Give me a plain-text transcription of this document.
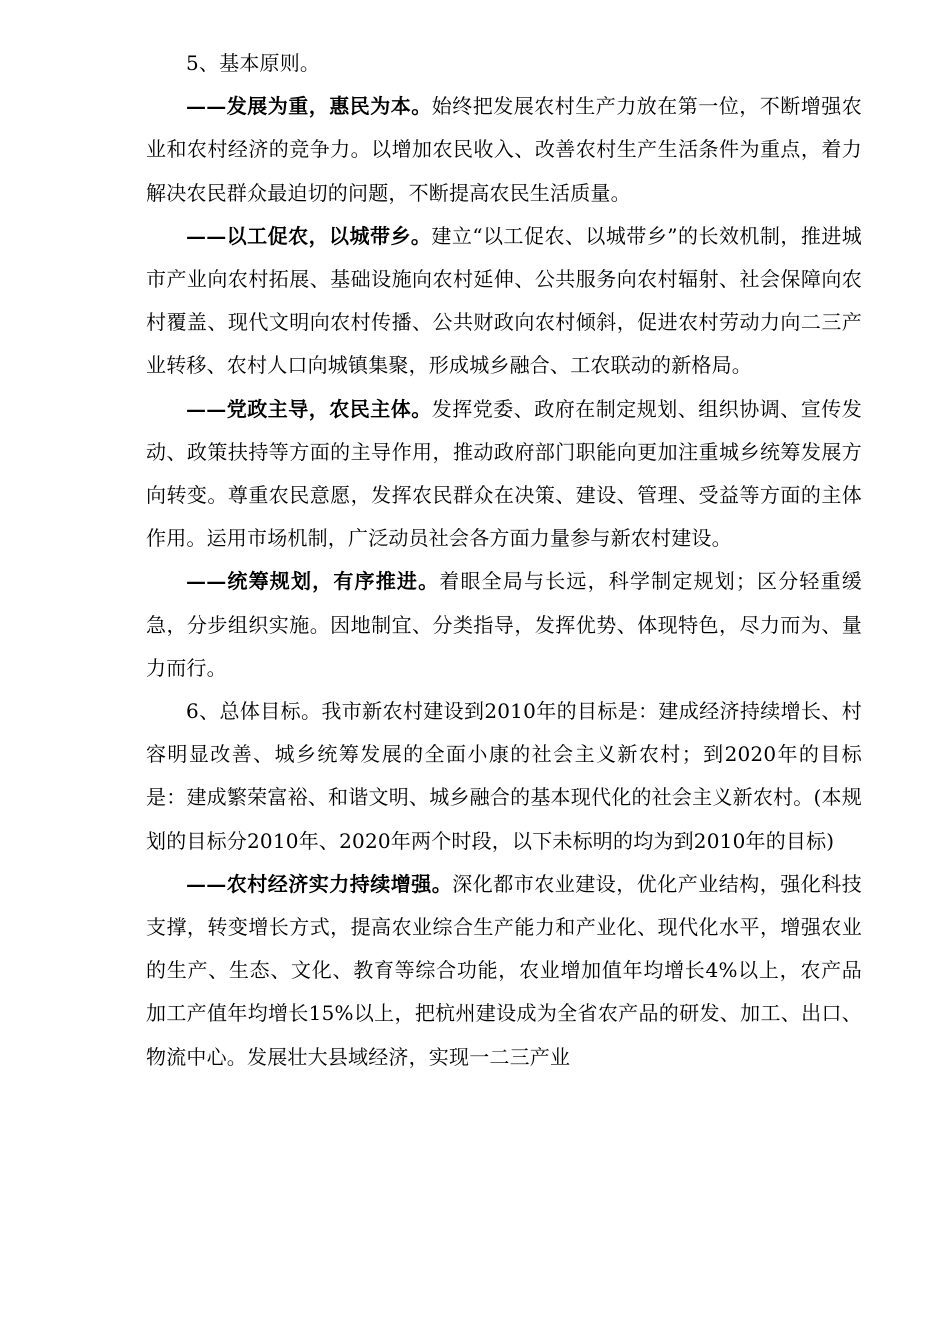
5、基本原则。

——发展为重，惠民为本。始终把发展农村生产力放在第一位，不断增强农业和农村经济的竞争力。以增加农民收入、改善农村生产生活条件为重点，着力解决农民群众最迫切的问题，不断提高农民生活质量。

——以工促农，以城带乡。建立“以工促农、以城带乡”的长效机制，推进城市产业向农村拓展、基础设施向农村延伸、公共服务向农村辐射、社会保障向农村覆盖、现代文明向农村传播、公共财政向农村倾斜，促进农村劳动力向二三产业转移、农村人口向城镇集聚，形成城乡融合、工农联动的新格局。

——党政主导，农民主体。发挥党委、政府在制定规划、组织协调、宣传发动、政策扶持等方面的主导作用，推动政府部门职能向更加注重城乡统筹发展方向转变。尊重农民意愿，发挥农民群众在决策、建设、管理、受益等方面的主体作用。运用市场机制，广泛动员社会各方面力量参与新农村建设。

——统筹规划，有序推进。着眼全局与长远，科学制定规划；区分轻重缓急，分步组织实施。因地制宜、分类指导，发挥优势、体现特色，尽力而为、量力而行。

6、总体目标。我市新农村建设到2010年的目标是：建成经济持续增长、村容明显改善、城乡统筹发展的全面小康的社会主义新农村；到2020年的目标是：建成繁荣富裕、和谐文明、城乡融合的基本现代化的社会主义新农村。(本规划的目标分2010年、2020年两个时段，以下未标明的均为到2010年的目标)

——农村经济实力持续增强。深化都市农业建设，优化产业结构，强化科技支撑，转变增长方式，提高农业综合生产能力和产业化、现代化水平，增强农业的生产、生态、文化、教育等综合功能，农业增加值年均增长4%以上，农产品加工产值年均增长15%以上，把杭州建设成为全省农产品的研发、加工、出口、物流中心。发展壮大县域经济，实现一二三产业
